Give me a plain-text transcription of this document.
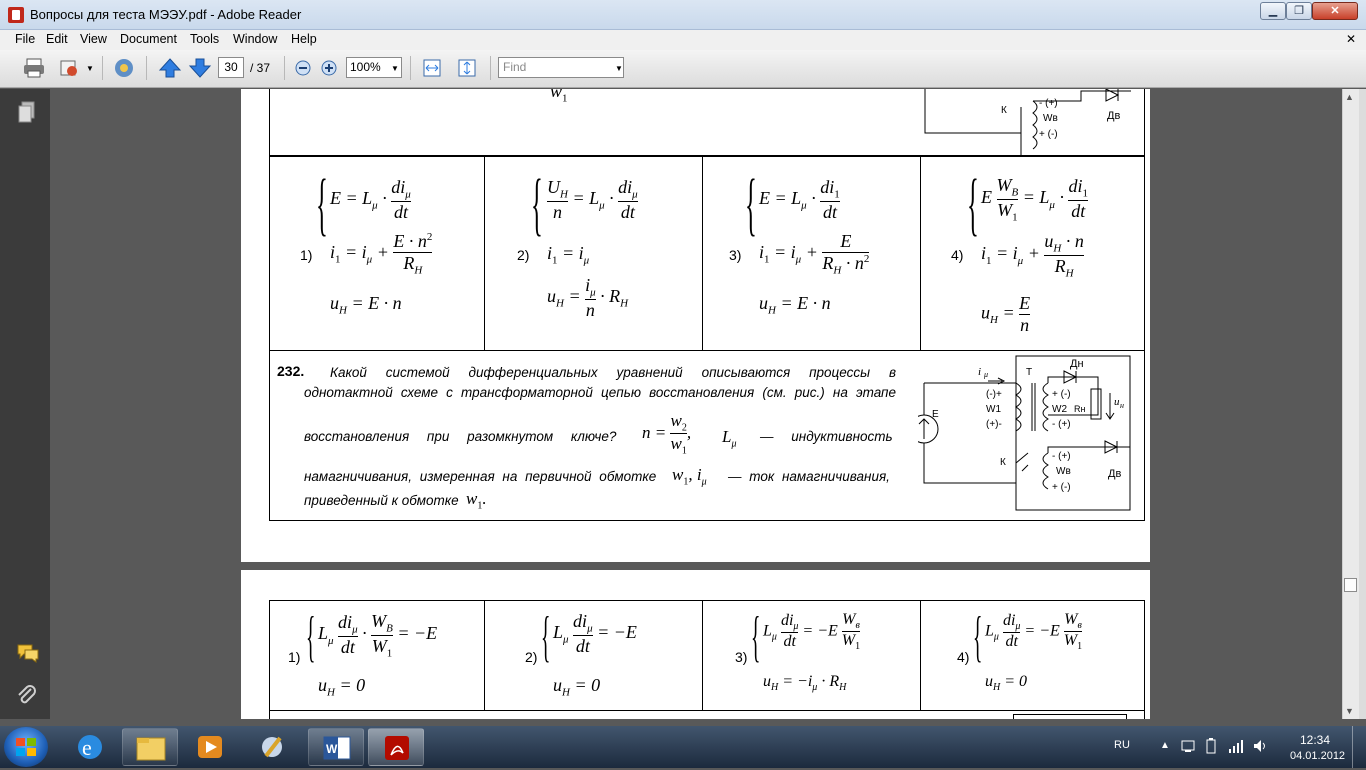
Вопросы для теста МЭЭУ.pdf - Adobe Reader	▁	❐	✕
File Edit View Document Tools Window Help	✕
▼	30	/ 37	100%	▼	Find	▼
$w_1$
К
- (+)
Wв
+ (-)
Дв
1)
{ $E = L_\mu$ ·
$di_\mu$
dt
$i_1 = i_\mu + \frac{E \cdot n^2}{R_H}$
$u_H = E \cdot n$
2)
{ $\frac{U_H}{n} = L_\mu$ ·
$di_\mu$
dt
$i_1 = i_\mu$
$u_H = \frac{i_\mu}{n} \cdot R_H$
3)
{ $E = L_\mu \cdot \frac{di_1}{dt}$
$i_1 = i_\mu + \frac{E}{R_H \cdot n^2}$
$u_H = E \cdot n$
4)
{ E $\frac{W_B}{W_1} = L_\mu \cdot \frac{di_1}{dt}$
$i_1 = i_\mu + \frac{u_H \cdot n}{R_H}$
$u_H = \frac{E}{n}$
232. Какой системой дифференциальных уравнений описываются процессы в
однотактной схеме с трансформаторной цепью восстановления (см. рис.) на этапе
восстановления при разомкнутом ключе? $n = \frac{w_2}{w_1}$ , $L_\mu$ — индуктивность
намагничивания, измеренная на первичной обмотке $w_1$, $i_\mu$ — ток намагничивания,
приведенный к обмотке $w_1$.
E
i μ	T
(-)+
W1
(+)-
+ (-)
W2 Rн
- (+)
u н
Дн
К
- (+)
Wв
+ (-)
Дв
1) { $L_\mu$
$di_\mu$
dt
· $\frac{W_B}{W_1} = -E$
$u_H = 0$
2) { $L_\mu$
$di_\mu$
dt
= −E
$u_H = 0$
3) { $L_\mu$
$di_\mu$
dt
= −E
$W_в$
$W_1$
$u_H = -i_\mu \cdot R_H$
4) { $L_\mu$
$di_\mu$
dt
= −E
$W_в$
$W_1$
$u_H = 0$
▲
▼
e	W	RU	▲	12:34
04.01.2012
